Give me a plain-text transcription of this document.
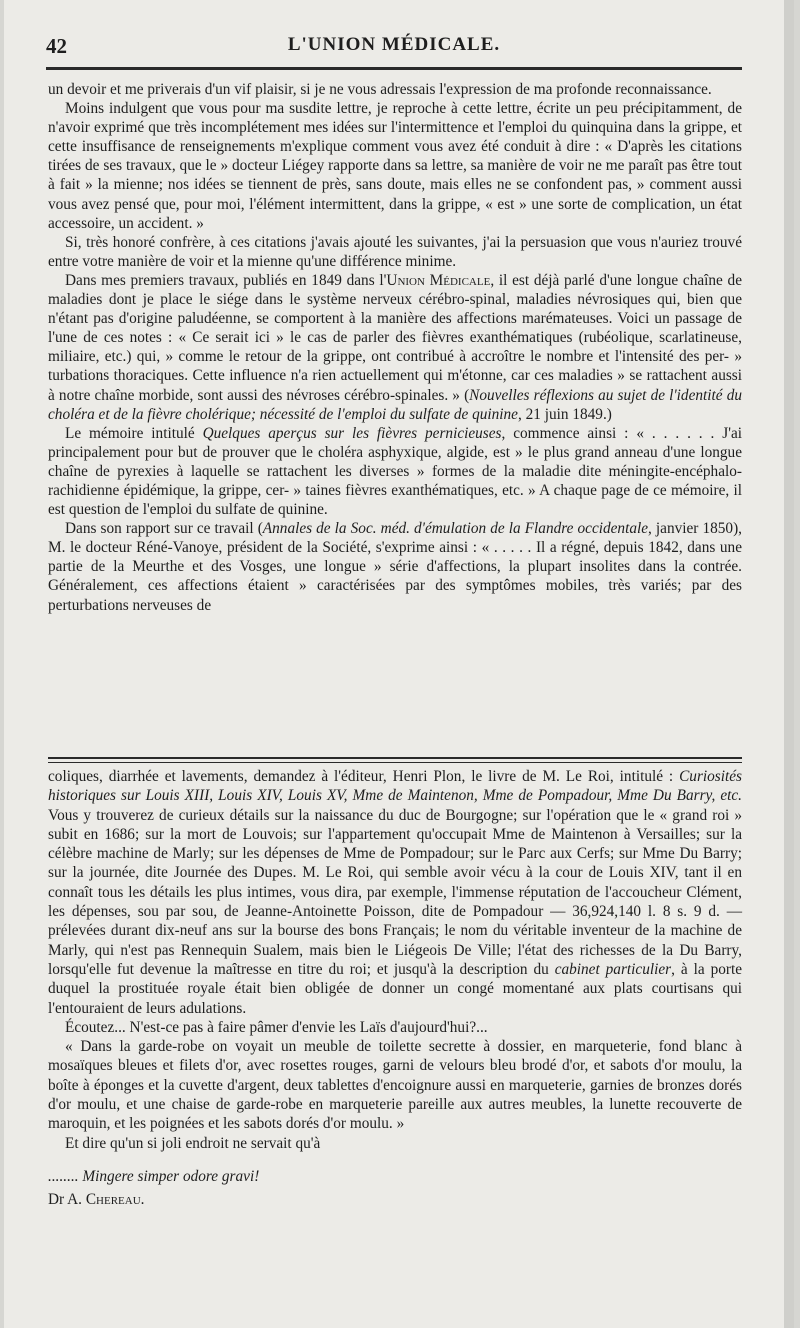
42	L'UNION MÉDICALE.

un devoir et me priverais d'un vif plaisir, si je ne vous adressais l'expression de ma profonde reconnaissance.

Moins indulgent que vous pour ma susdite lettre, je reproche à cette lettre, écrite un peu précipitamment, de n'avoir exprimé que très incomplétement mes idées sur l'intermittence et l'emploi du quinquina dans la grippe, et cette insuffisance de renseignements m'explique comment vous avez été conduit à dire : « D'après les citations tirées de ses travaux, que le » docteur Liégey rapporte dans sa lettre, sa manière de voir ne me paraît pas être tout à fait » la mienne; nos idées se tiennent de près, sans doute, mais elles ne se confondent pas, » comment aussi vous avez pensé que, pour moi, l'élément intermittent, dans la grippe, « est » une sorte de complication, un état accessoire, un accident. »

Si, très honoré confrère, à ces citations j'avais ajouté les suivantes, j'ai la persuasion que vous n'auriez trouvé entre votre manière de voir et la mienne qu'une différence minime.

Dans mes premiers travaux, publiés en 1849 dans l'Union Médicale, il est déjà parlé d'une longue chaîne de maladies dont je place le siége dans le système nerveux cérébro-spinal, maladies névrosiques qui, bien que n'étant pas d'origine paludéenne, se comportent à la manière des affections marémateuses. Voici un passage de l'une de ces notes : « Ce serait ici » le cas de parler des fièvres exanthématiques (rubéolique, scarlatineuse, miliaire, etc.) qui, » comme le retour de la grippe, ont contribué à accroître le nombre et l'intensité des per- » turbations thoraciques. Cette influence n'a rien actuellement qui m'étonne, car ces maladies » se rattachent aussi à notre chaîne morbide, sont aussi des névroses cérébro-spinales. » (Nouvelles réflexions au sujet de l'identité du choléra et de la fièvre cholérique; nécessité de l'emploi du sulfate de quinine, 21 juin 1849.)

Le mémoire intitulé Quelques aperçus sur les fièvres pernicieuses, commence ainsi : « . . . . . . J'ai principalement pour but de prouver que le choléra asphyxique, algide, est » le plus grand anneau d'une longue chaîne de pyrexies à laquelle se rattachent les diverses » formes de la maladie dite méningite-encéphalo-rachidienne épidémique, la grippe, cer- » taines fièvres exanthématiques, etc. » A chaque page de ce mémoire, il est question de l'emploi du sulfate de quinine.

Dans son rapport sur ce travail (Annales de la Soc. méd. d'émulation de la Flandre occidentale, janvier 1850), M. le docteur Réné-Vanoye, président de la Société, s'exprime ainsi : « . . . . . Il a régné, depuis 1842, dans une partie de la Meurthe et des Vosges, une longue » série d'affections, la plupart insolites dans la contrée. Généralement, ces affections étaient » caractérisées par des symptômes mobiles, très variés; par des perturbations nerveuses de

coliques, diarrhée et lavements, demandez à l'éditeur, Henri Plon, le livre de M. Le Roi, intitulé : Curiosités historiques sur Louis XIII, Louis XIV, Louis XV, Mme de Maintenon, Mme de Pompadour, Mme Du Barry, etc. Vous y trouverez de curieux détails sur la naissance du duc de Bourgogne; sur l'opération que le « grand roi » subit en 1686; sur la mort de Louvois; sur l'appartement qu'occupait Mme de Maintenon à Versailles; sur la célèbre machine de Marly; sur les dépenses de Mme de Pompadour; sur le Parc aux Cerfs; sur Mme Du Barry; sur la journée, dite Journée des Dupes. M. Le Roi, qui semble avoir vécu à la cour de Louis XIV, tant il en connaît tous les détails les plus intimes, vous dira, par exemple, l'immense réputation de l'accoucheur Clément, les dépenses, sou par sou, de Jeanne-Antoinette Poisson, dite de Pompadour — 36,924,140 l. 8 s. 9 d. — prélevées durant dix-neuf ans sur la bourse des bons Français; le nom du véritable inventeur de la machine de Marly, qui n'est pas Rennequin Sualem, mais bien le Liégeois De Ville; l'état des richesses de la Du Barry, lorsqu'elle fut devenue la maîtresse en titre du roi; et jusqu'à la description du cabinet particulier, à la porte duquel la prostituée royale était bien obligée de donner un congé momentané aux plats courtisans qui l'entouraient de leurs adulations.

Écoutez... N'est-ce pas à faire pâmer d'envie les Laïs d'aujourd'hui?...

« Dans la garde-robe on voyait un meuble de toilette secrette à dossier, en marqueterie, fond blanc à mosaïques bleues et filets d'or, avec rosettes rouges, garni de velours bleu brodé d'or, et sabots d'or moulu, la boîte à éponges et la cuvette d'argent, deux tablettes d'encoignure aussi en marqueterie, garnies de bronzes dorés d'or moulu, et une chaise de garde-robe en marqueterie pareille aux autres meubles, la lunette recouverte de maroquin, et les poignées et les sabots dorés d'or moulu. »

Et dire qu'un si joli endroit ne servait qu'à

........ Mingere simper odore gravi!

Dr A. Chereau.
